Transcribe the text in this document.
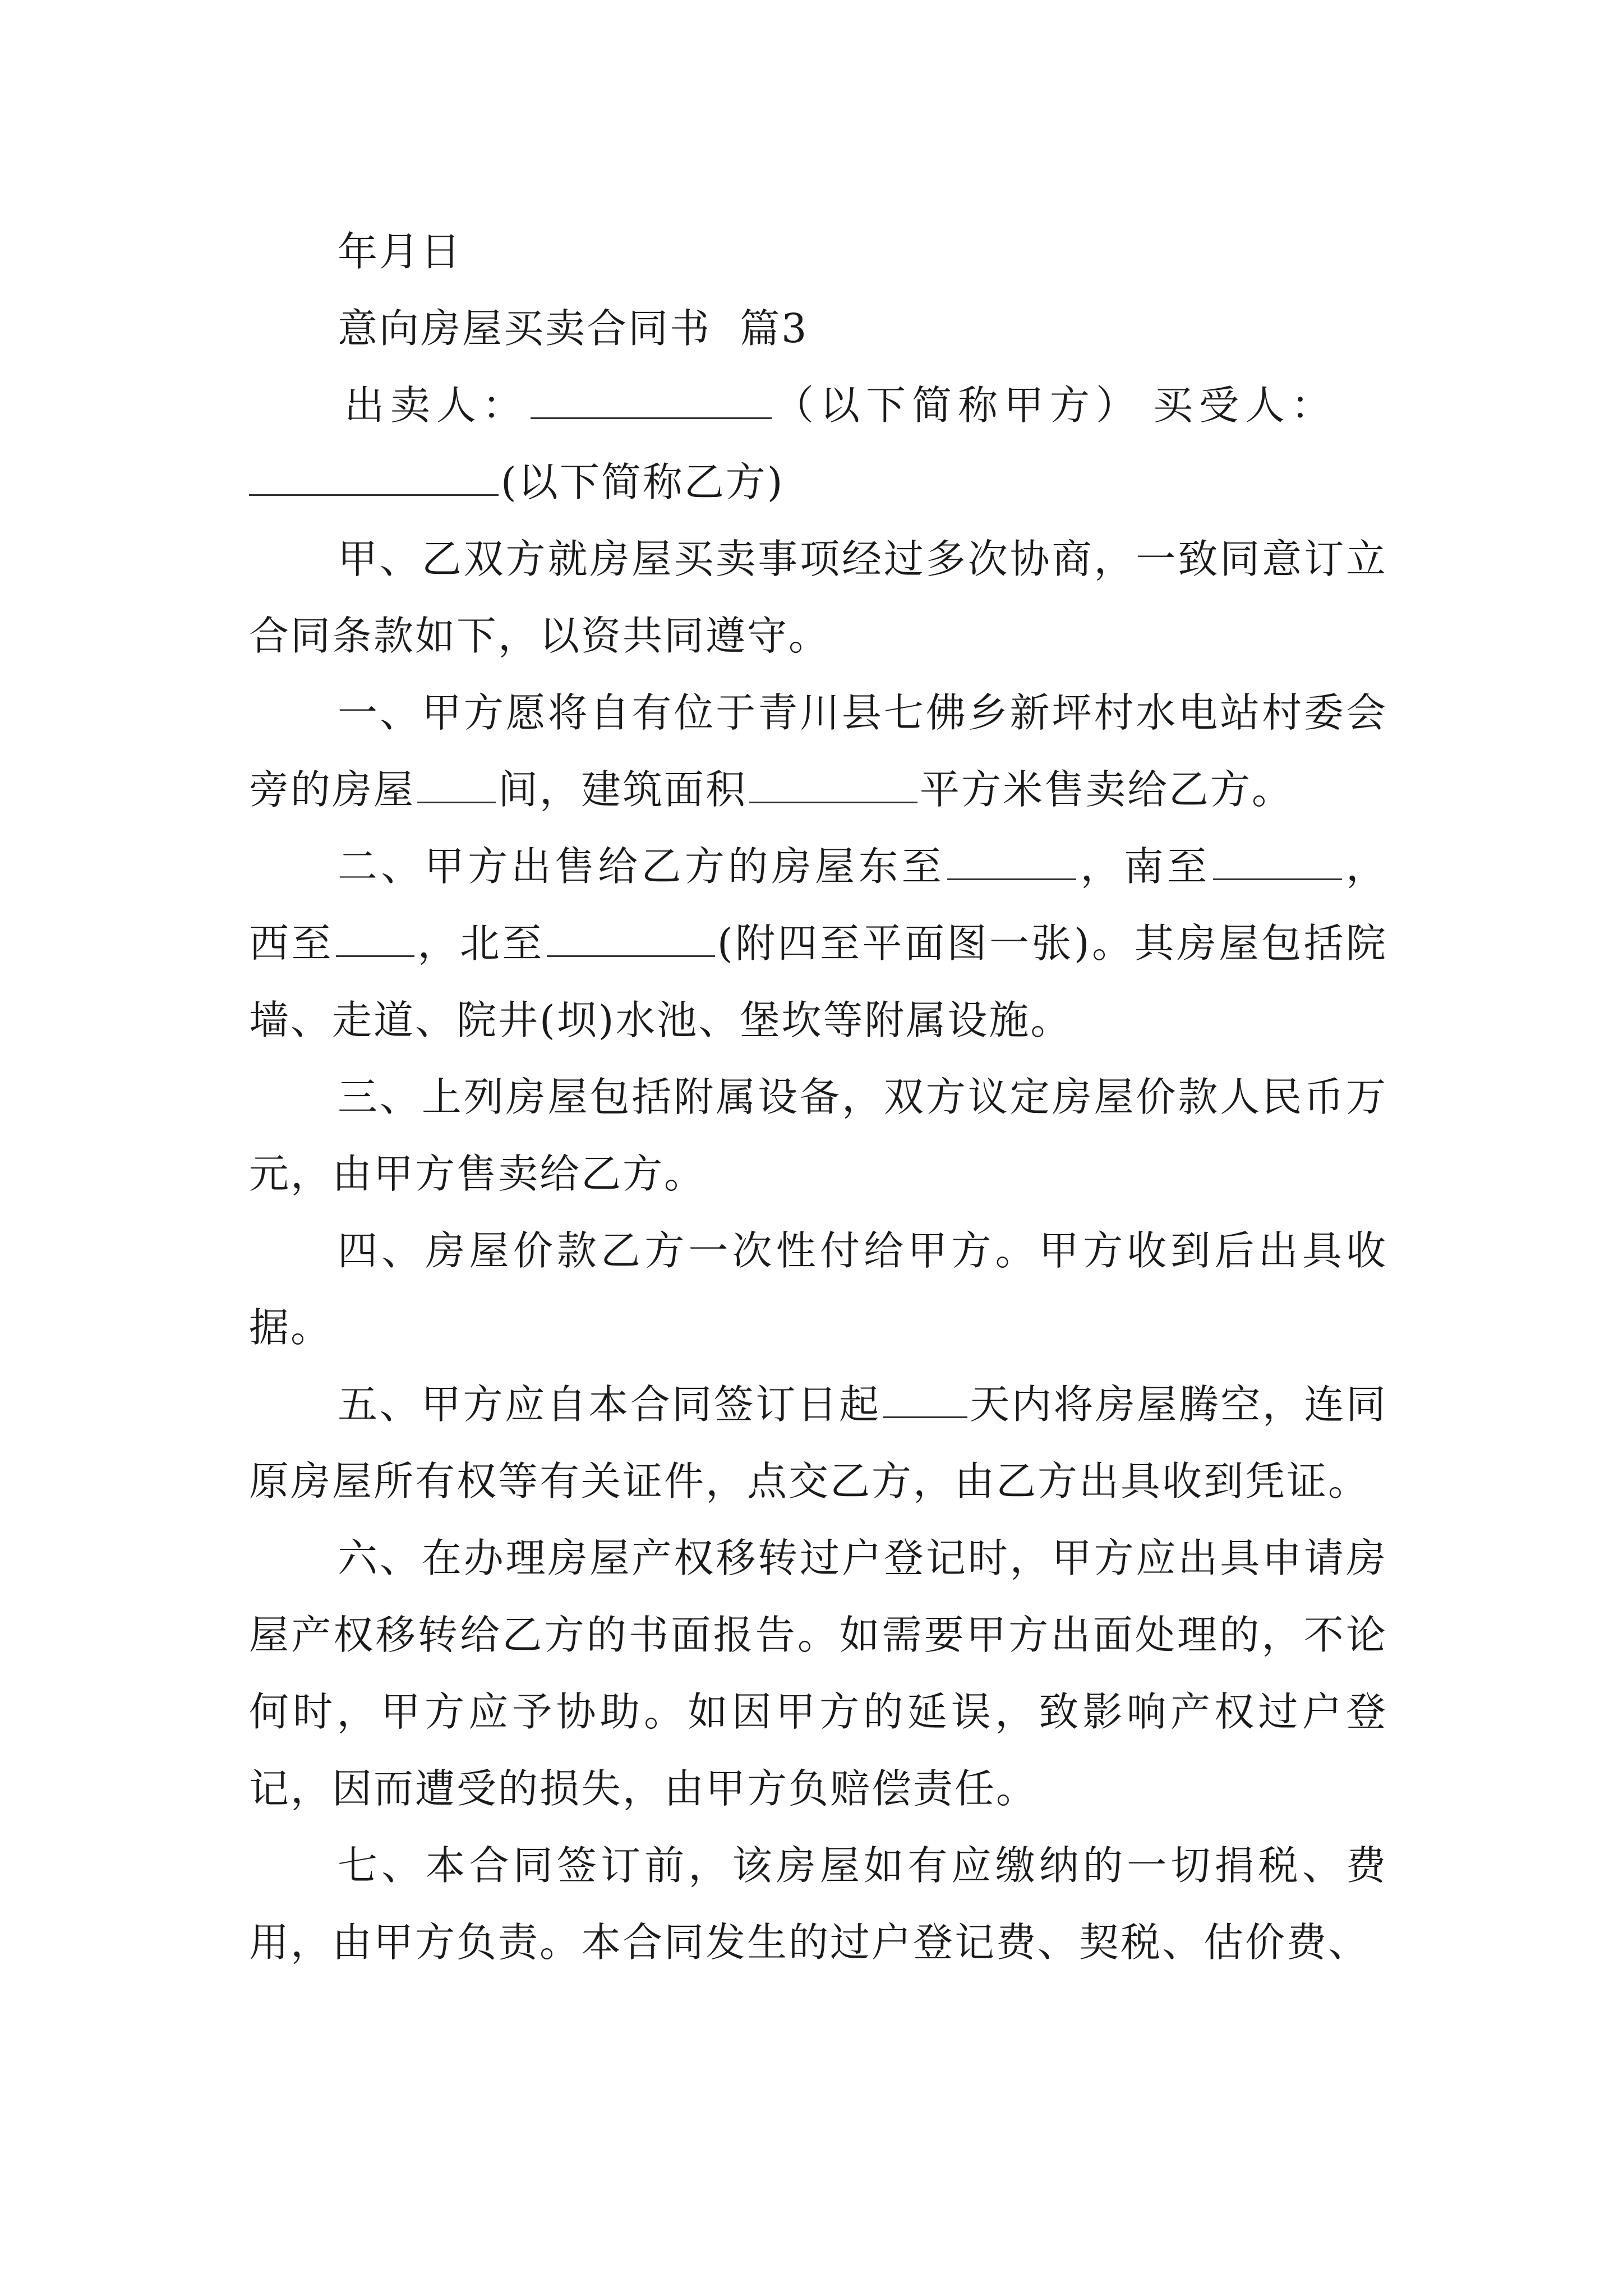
年月日
意向房屋买卖合同书  篇3
出卖人：	（以下简称甲方） 买受人：
(以下简称乙方)

甲、乙双方就房屋买卖事项经过多次协商，一致同意订立合同条款如下，以资共同遵守。

一、甲方愿将自有位于青川县七佛乡新坪村水电站村委会旁的房屋 间，建筑面积	平方米售卖给乙方。

二、甲方出售给乙方的房屋东至	，南至	，西至 ，北至	(附四至平面图一张)。其房屋包括院墙、走道、院井(坝)水池、堡坎等附属设施。

三、上列房屋包括附属设备，双方议定房屋价款人民币万元，由甲方售卖给乙方。

四、房屋价款乙方一次性付给甲方。甲方收到后出具收据。

五、甲方应自本合同签订日起 天内将房屋腾空，连同原房屋所有权等有关证件，点交乙方，由乙方出具收到凭证。

六、在办理房屋产权移转过户登记时，甲方应出具申请房屋产权移转给乙方的书面报告。如需要甲方出面处理的，不论何时，甲方应予协助。如因甲方的延误，致影响产权过户登记，因而遭受的损失，由甲方负赔偿责任。

七、本合同签订前，该房屋如有应缴纳的一切捐税、费用，由甲方负责。本合同发生的过户登记费、契税、估价费、
